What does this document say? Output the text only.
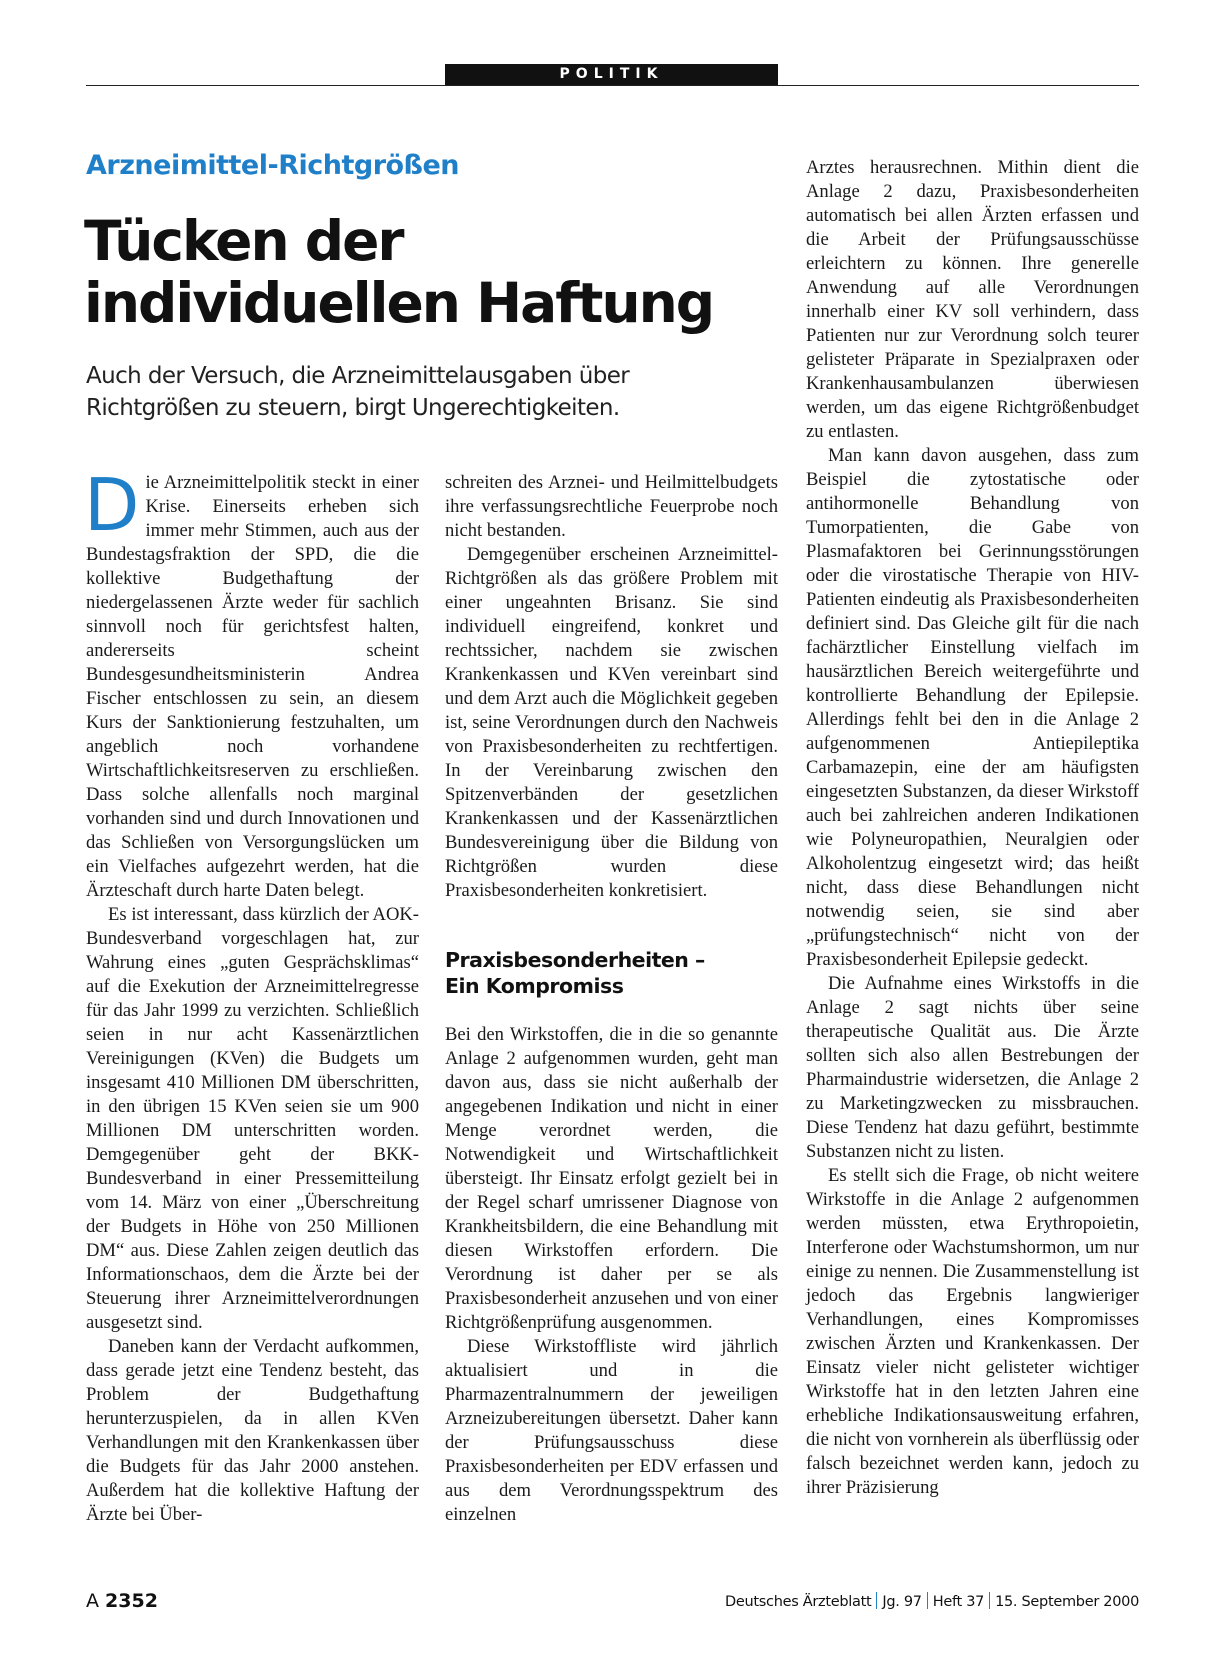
POLITIK
Arzneimittel-Richtgrößen
Tücken der
individuellen Haftung
Auch der Versuch, die Arzneimittelausgaben über
Richtgrößen zu steuern, birgt Ungerechtigkeiten.

Die Arzneimittelpolitik steckt in einer Krise. Einerseits erheben sich immer mehr Stimmen, auch aus der Bundestagsfraktion der SPD, die die kollektive Budgethaftung der niedergelassenen Ärzte weder für sachlich sinnvoll noch für gerichtsfest halten, andererseits scheint Bundesgesundheitsministerin Andrea Fischer entschlossen zu sein, an diesem Kurs der Sanktionierung festzuhalten, um angeblich noch vorhandene Wirtschaftlichkeitsreserven zu erschließen. Dass solche allenfalls noch marginal vorhanden sind und durch Innovationen und das Schließen von Versorgungslücken um ein Vielfaches aufgezehrt werden, hat die Ärzteschaft durch harte Daten belegt.

Es ist interessant, dass kürzlich der AOK-Bundesverband vorgeschlagen hat, zur Wahrung eines „guten Gesprächsklimas“ auf die Exekution der Arzneimittelregresse für das Jahr 1999 zu verzichten. Schließlich seien in nur acht Kassenärztlichen Vereinigungen (KVen) die Budgets um insgesamt 410 Millionen DM überschritten, in den übrigen 15 KVen seien sie um 900 Millionen DM unterschritten worden. Demgegenüber geht der BKK-Bundesverband in einer Pressemitteilung vom 14. März von einer „Überschreitung der Budgets in Höhe von 250 Millionen DM“ aus. Diese Zahlen zeigen deutlich das Informationschaos, dem die Ärzte bei der Steuerung ihrer Arzneimittelverordnungen ausgesetzt sind.

Daneben kann der Verdacht aufkommen, dass gerade jetzt eine Tendenz besteht, das Problem der Budgethaftung herunterzuspielen, da in allen KVen Verhandlungen mit den Krankenkassen über die Budgets für das Jahr 2000 anstehen. Außerdem hat die kollektive Haftung der Ärzte bei Über-

schreiten des Arznei- und Heilmittelbudgets ihre verfassungsrechtliche Feuerprobe noch nicht bestanden.

Demgegenüber erscheinen Arzneimittel-Richtgrößen als das größere Problem mit einer ungeahnten Brisanz. Sie sind individuell eingreifend, konkret und rechtssicher, nachdem sie zwischen Krankenkassen und KVen vereinbart sind und dem Arzt auch die Möglichkeit gegeben ist, seine Verordnungen durch den Nachweis von Praxisbesonderheiten zu rechtfertigen. In der Vereinbarung zwischen den Spitzenverbänden der gesetzlichen Krankenkassen und der Kassenärztlichen Bundesvereinigung über die Bildung von Richtgrößen wurden diese Praxisbesonderheiten konkretisiert.

Praxisbesonderheiten –
Ein Kompromiss

Bei den Wirkstoffen, die in die so genannte Anlage 2 aufgenommen wurden, geht man davon aus, dass sie nicht außerhalb der angegebenen Indikation und nicht in einer Menge verordnet werden, die Notwendigkeit und Wirtschaftlichkeit übersteigt. Ihr Einsatz erfolgt gezielt bei in der Regel scharf umrissener Diagnose von Krankheitsbildern, die eine Behandlung mit diesen Wirkstoffen erfordern. Die Verordnung ist daher per se als Praxisbesonderheit anzusehen und von einer Richtgrößenprüfung ausgenommen.

Diese Wirkstoffliste wird jährlich aktualisiert und in die Pharmazentralnummern der jeweiligen Arzneizubereitungen übersetzt. Daher kann der Prüfungsausschuss diese Praxisbesonderheiten per EDV erfassen und aus dem Verordnungsspektrum des einzelnen

Arztes herausrechnen. Mithin dient die Anlage 2 dazu, Praxisbesonderheiten automatisch bei allen Ärzten erfassen und die Arbeit der Prüfungsausschüsse erleichtern zu können. Ihre generelle Anwendung auf alle Verordnungen innerhalb einer KV soll verhindern, dass Patienten nur zur Verordnung solch teurer gelisteter Präparate in Spezialpraxen oder Krankenhausambulanzen überwiesen werden, um das eigene Richtgrößenbudget zu entlasten.

Man kann davon ausgehen, dass zum Beispiel die zytostatische oder antihormonelle Behandlung von Tumorpatienten, die Gabe von Plasmafaktoren bei Gerinnungsstörungen oder die virostatische Therapie von HIV-Patienten eindeutig als Praxisbesonderheiten definiert sind. Das Gleiche gilt für die nach fachärztlicher Einstellung vielfach im hausärztlichen Bereich weitergeführte und kontrollierte Behandlung der Epilepsie. Allerdings fehlt bei den in die Anlage 2 aufgenommenen Antiepileptika Carbamazepin, eine der am häufigsten eingesetzten Substanzen, da dieser Wirkstoff auch bei zahlreichen anderen Indikationen wie Polyneuropathien, Neuralgien oder Alkoholentzug eingesetzt wird; das heißt nicht, dass diese Behandlungen nicht notwendig seien, sie sind aber „prüfungstechnisch“ nicht von der Praxisbesonderheit Epilepsie gedeckt.

Die Aufnahme eines Wirkstoffs in die Anlage 2 sagt nichts über seine therapeutische Qualität aus. Die Ärzte sollten sich also allen Bestrebungen der Pharmaindustrie widersetzen, die Anlage 2 zu Marketingzwecken zu missbrauchen. Diese Tendenz hat dazu geführt, bestimmte Substanzen nicht zu listen.

Es stellt sich die Frage, ob nicht weitere Wirkstoffe in die Anlage 2 aufgenommen werden müssten, etwa Erythropoietin, Interferone oder Wachstumshormon, um nur einige zu nennen. Die Zusammenstellung ist jedoch das Ergebnis langwieriger Verhandlungen, eines Kompromisses zwischen Ärzten und Krankenkassen. Der Einsatz vieler nicht gelisteter wichtiger Wirkstoffe hat in den letzten Jahren eine erhebliche Indikationsausweitung erfahren, die nicht von vornherein als überflüssig oder falsch bezeichnet werden kann, jedoch zu ihrer Präzisierung

A 2352	Deutsches Ärzteblatt Jg. 97 Heft 37 15. September 2000
